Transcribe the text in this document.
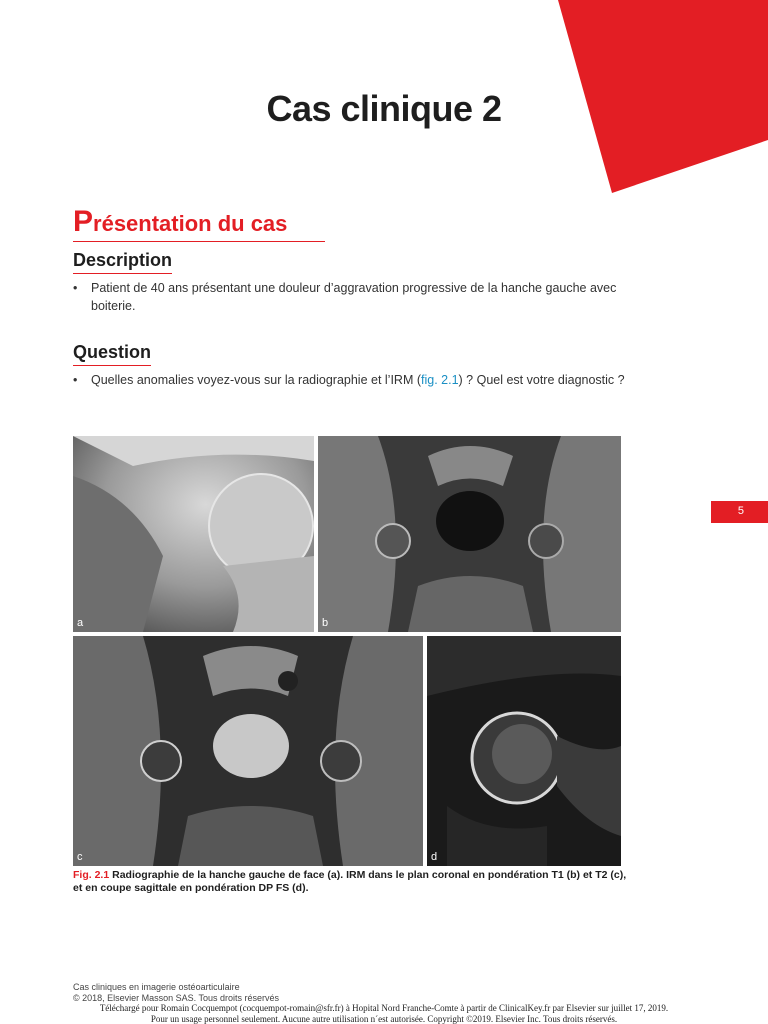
Cas clinique 2
Présentation du cas
Description
• Patient de 40 ans présentant une douleur d’aggravation progressive de la hanche gauche avec boiterie.
Question
• Quelles anomalies voyez-vous sur la radiographie et l’IRM (fig. 2.1) ? Quel est votre diagnostic ?
5
a	b
c	d
Fig. 2.1 Radiographie de la hanche gauche de face (a). IRM dans le plan coronal en pondération T1 (b) et T2 (c), et en coupe sagittale en pondération DP FS (d).
Cas cliniques en imagerie ostéoarticulaire
© 2018, Elsevier Masson SAS. Tous droits réservés
Téléchargé pour Romain Cocquempot (cocquempot-romain@sfr.fr) à Hopital Nord Franche-Comte à partir de ClinicalKey.fr par Elsevier sur juillet 17, 2019.
Pour un usage personnel seulement. Aucune autre utilisation n´est autorisée. Copyright ©2019. Elsevier Inc. Tous droits réservés.
